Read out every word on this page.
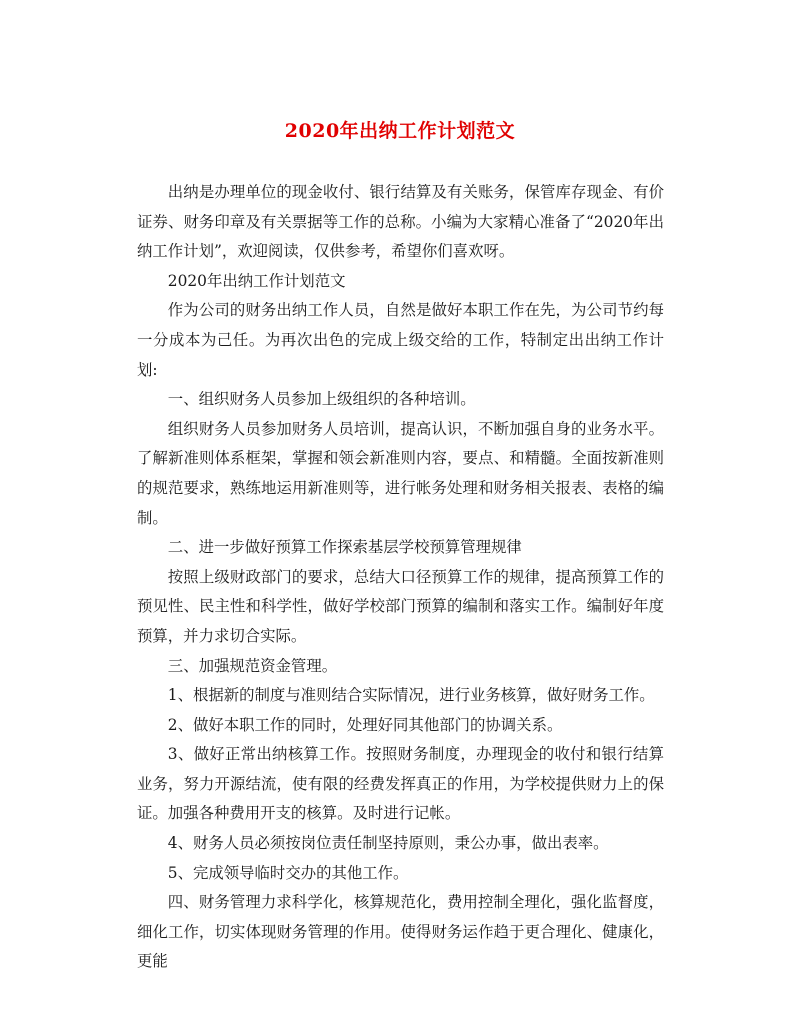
2020年出纳工作计划范文

出纳是办理单位的现金收付、银行结算及有关账务，保管库存现金、有价证券、财务印章及有关票据等工作的总称。小编为大家精心准备了“2020年出纳工作计划”，欢迎阅读，仅供参考，希望你们喜欢呀。

2020年出纳工作计划范文

作为公司的财务出纳工作人员，自然是做好本职工作在先，为公司节约每一分成本为己任。为再次出色的完成上级交给的工作，特制定出出纳工作计划:

一、组织财务人员参加上级组织的各种培训。

组织财务人员参加财务人员培训，提高认识，不断加强自身的业务水平。了解新准则体系框架，掌握和领会新准则内容，要点、和精髓。全面按新准则的规范要求，熟练地运用新准则等，进行帐务处理和财务相关报表、表格的编制。

二、进一步做好预算工作探索基层学校预算管理规律

按照上级财政部门的要求，总结大口径预算工作的规律，提高预算工作的预见性、民主性和科学性，做好学校部门预算的编制和落实工作。编制好年度预算，并力求切合实际。

三、加强规范资金管理。

1、根据新的制度与准则结合实际情况，进行业务核算，做好财务工作。

2、做好本职工作的同时，处理好同其他部门的协调关系。

3、做好正常出纳核算工作。按照财务制度，办理现金的收付和银行结算业务，努力开源结流，使有限的经费发挥真正的作用，为学校提供财力上的保证。加强各种费用开支的核算。及时进行记帐。

4、财务人员必须按岗位责任制坚持原则，秉公办事，做出表率。

5、完成领导临时交办的其他工作。

四、财务管理力求科学化，核算规范化，费用控制全理化，强化监督度，细化工作，切实体现财务管理的作用。使得财务运作趋于更合理化、健康化，更能
